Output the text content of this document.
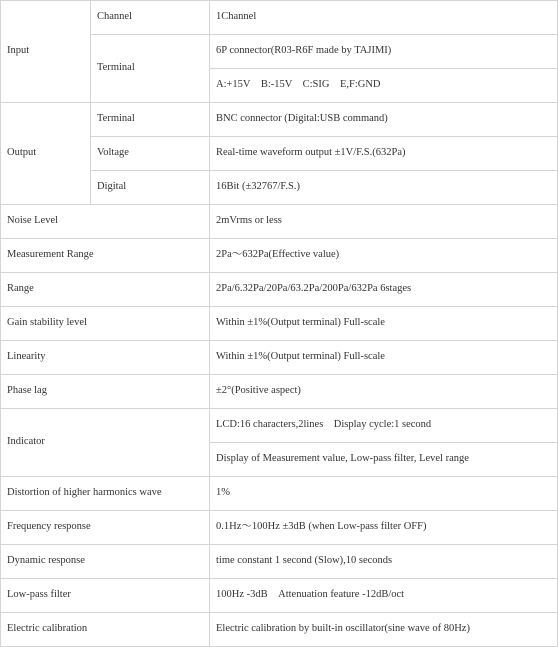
Input	Channel	1Channel
	Terminal	6P connector(R03-R6F made by TAJIMI)
		A:+15V　B:-15V　C:SIG　E,F:GND
Output	Terminal	BNC connector (Digital:USB command)
	Voltage	Real-time waveform output ±1V/F.S.(632Pa)
	Digital	16Bit (±32767/F.S.)
Noise Level		2mVrms or less
Measurement Range		2Pa～632Pa(Effective value)
Range		2Pa/6.32Pa/20Pa/63.2Pa/200Pa/632Pa 6stages
Gain stability level		Within ±1%(Output terminal) Full-scale
Linearity		Within ±1%(Output terminal) Full-scale
Phase lag		±2°(Positive aspect)
Indicator		LCD:16 characters,2lines　Display cycle:1 second
		Display of Measurement value, Low-pass filter, Level range
Distortion of higher harmonics wave		1%
Frequency response		0.1Hz～100Hz ±3dB (when Low-pass filter OFF)
Dynamic response		time constant 1 second (Slow),10 seconds
Low-pass filter		100Hz -3dB　Attenuation feature -12dB/oct
Electric calibration		Electric calibration by built-in oscillator(sine wave of 80Hz)
